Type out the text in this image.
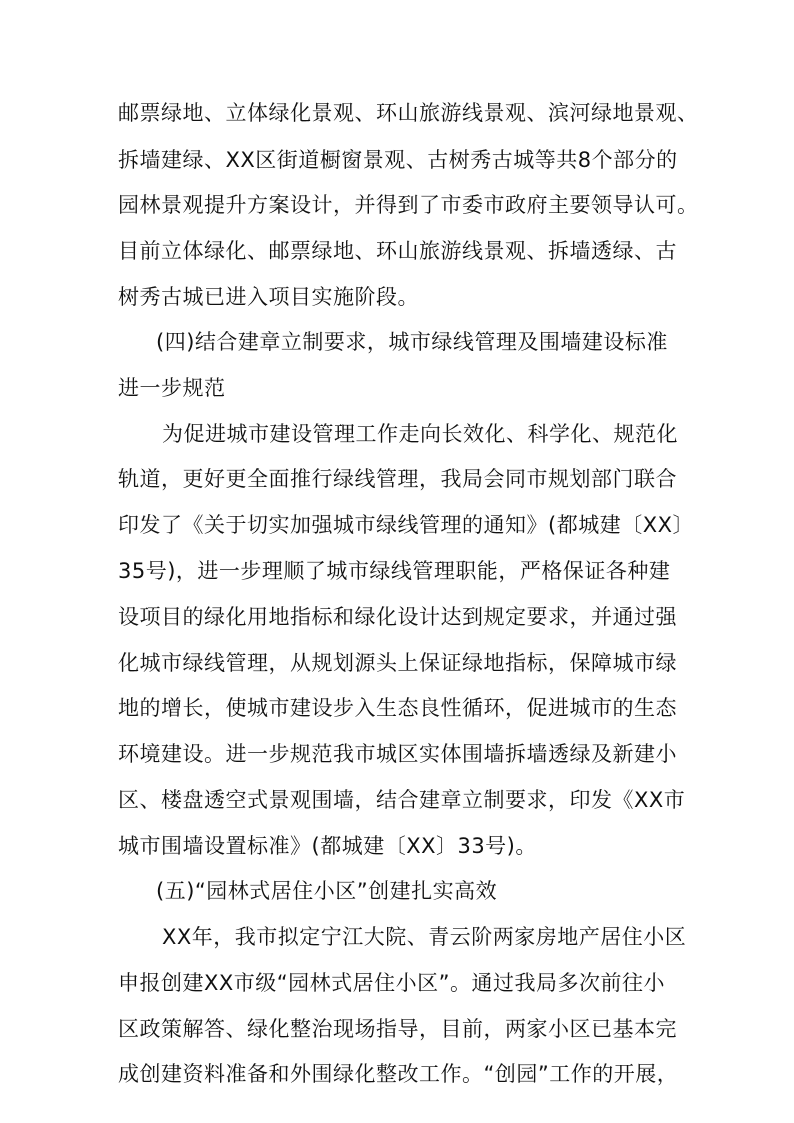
邮票绿地、立体绿化景观、环山旅游线景观、滨河绿地景观、
拆墙建绿、XX区街道橱窗景观、古树秀古城等共8个部分的
园林景观提升方案设计，并得到了市委市政府主要领导认可。
目前立体绿化、邮票绿地、环山旅游线景观、拆墙透绿、古
树秀古城已进入项目实施阶段。
(四)结合建章立制要求，城市绿线管理及围墙建设标准
进一步规范
为促进城市建设管理工作走向长效化、科学化、规范化
轨道，更好更全面推行绿线管理，我局会同市规划部门联合
印发了《关于切实加强城市绿线管理的通知》(都城建〔XX〕
35号)，进一步理顺了城市绿线管理职能，严格保证各种建
设项目的绿化用地指标和绿化设计达到规定要求，并通过强
化城市绿线管理，从规划源头上保证绿地指标，保障城市绿
地的增长，使城市建设步入生态良性循环，促进城市的生态
环境建设。进一步规范我市城区实体围墙拆墙透绿及新建小
区、楼盘透空式景观围墙，结合建章立制要求，印发《XX市
城市围墙设置标准》(都城建〔XX〕33号)。
(五)“园林式居住小区”创建扎实高效
XX年，我市拟定宁江大院、青云阶两家房地产居住小区
申报创建XX市级“园林式居住小区”。通过我局多次前往小
区政策解答、绿化整治现场指导，目前，两家小区已基本完
成创建资料准备和外围绿化整改工作。“创园”工作的开展，
